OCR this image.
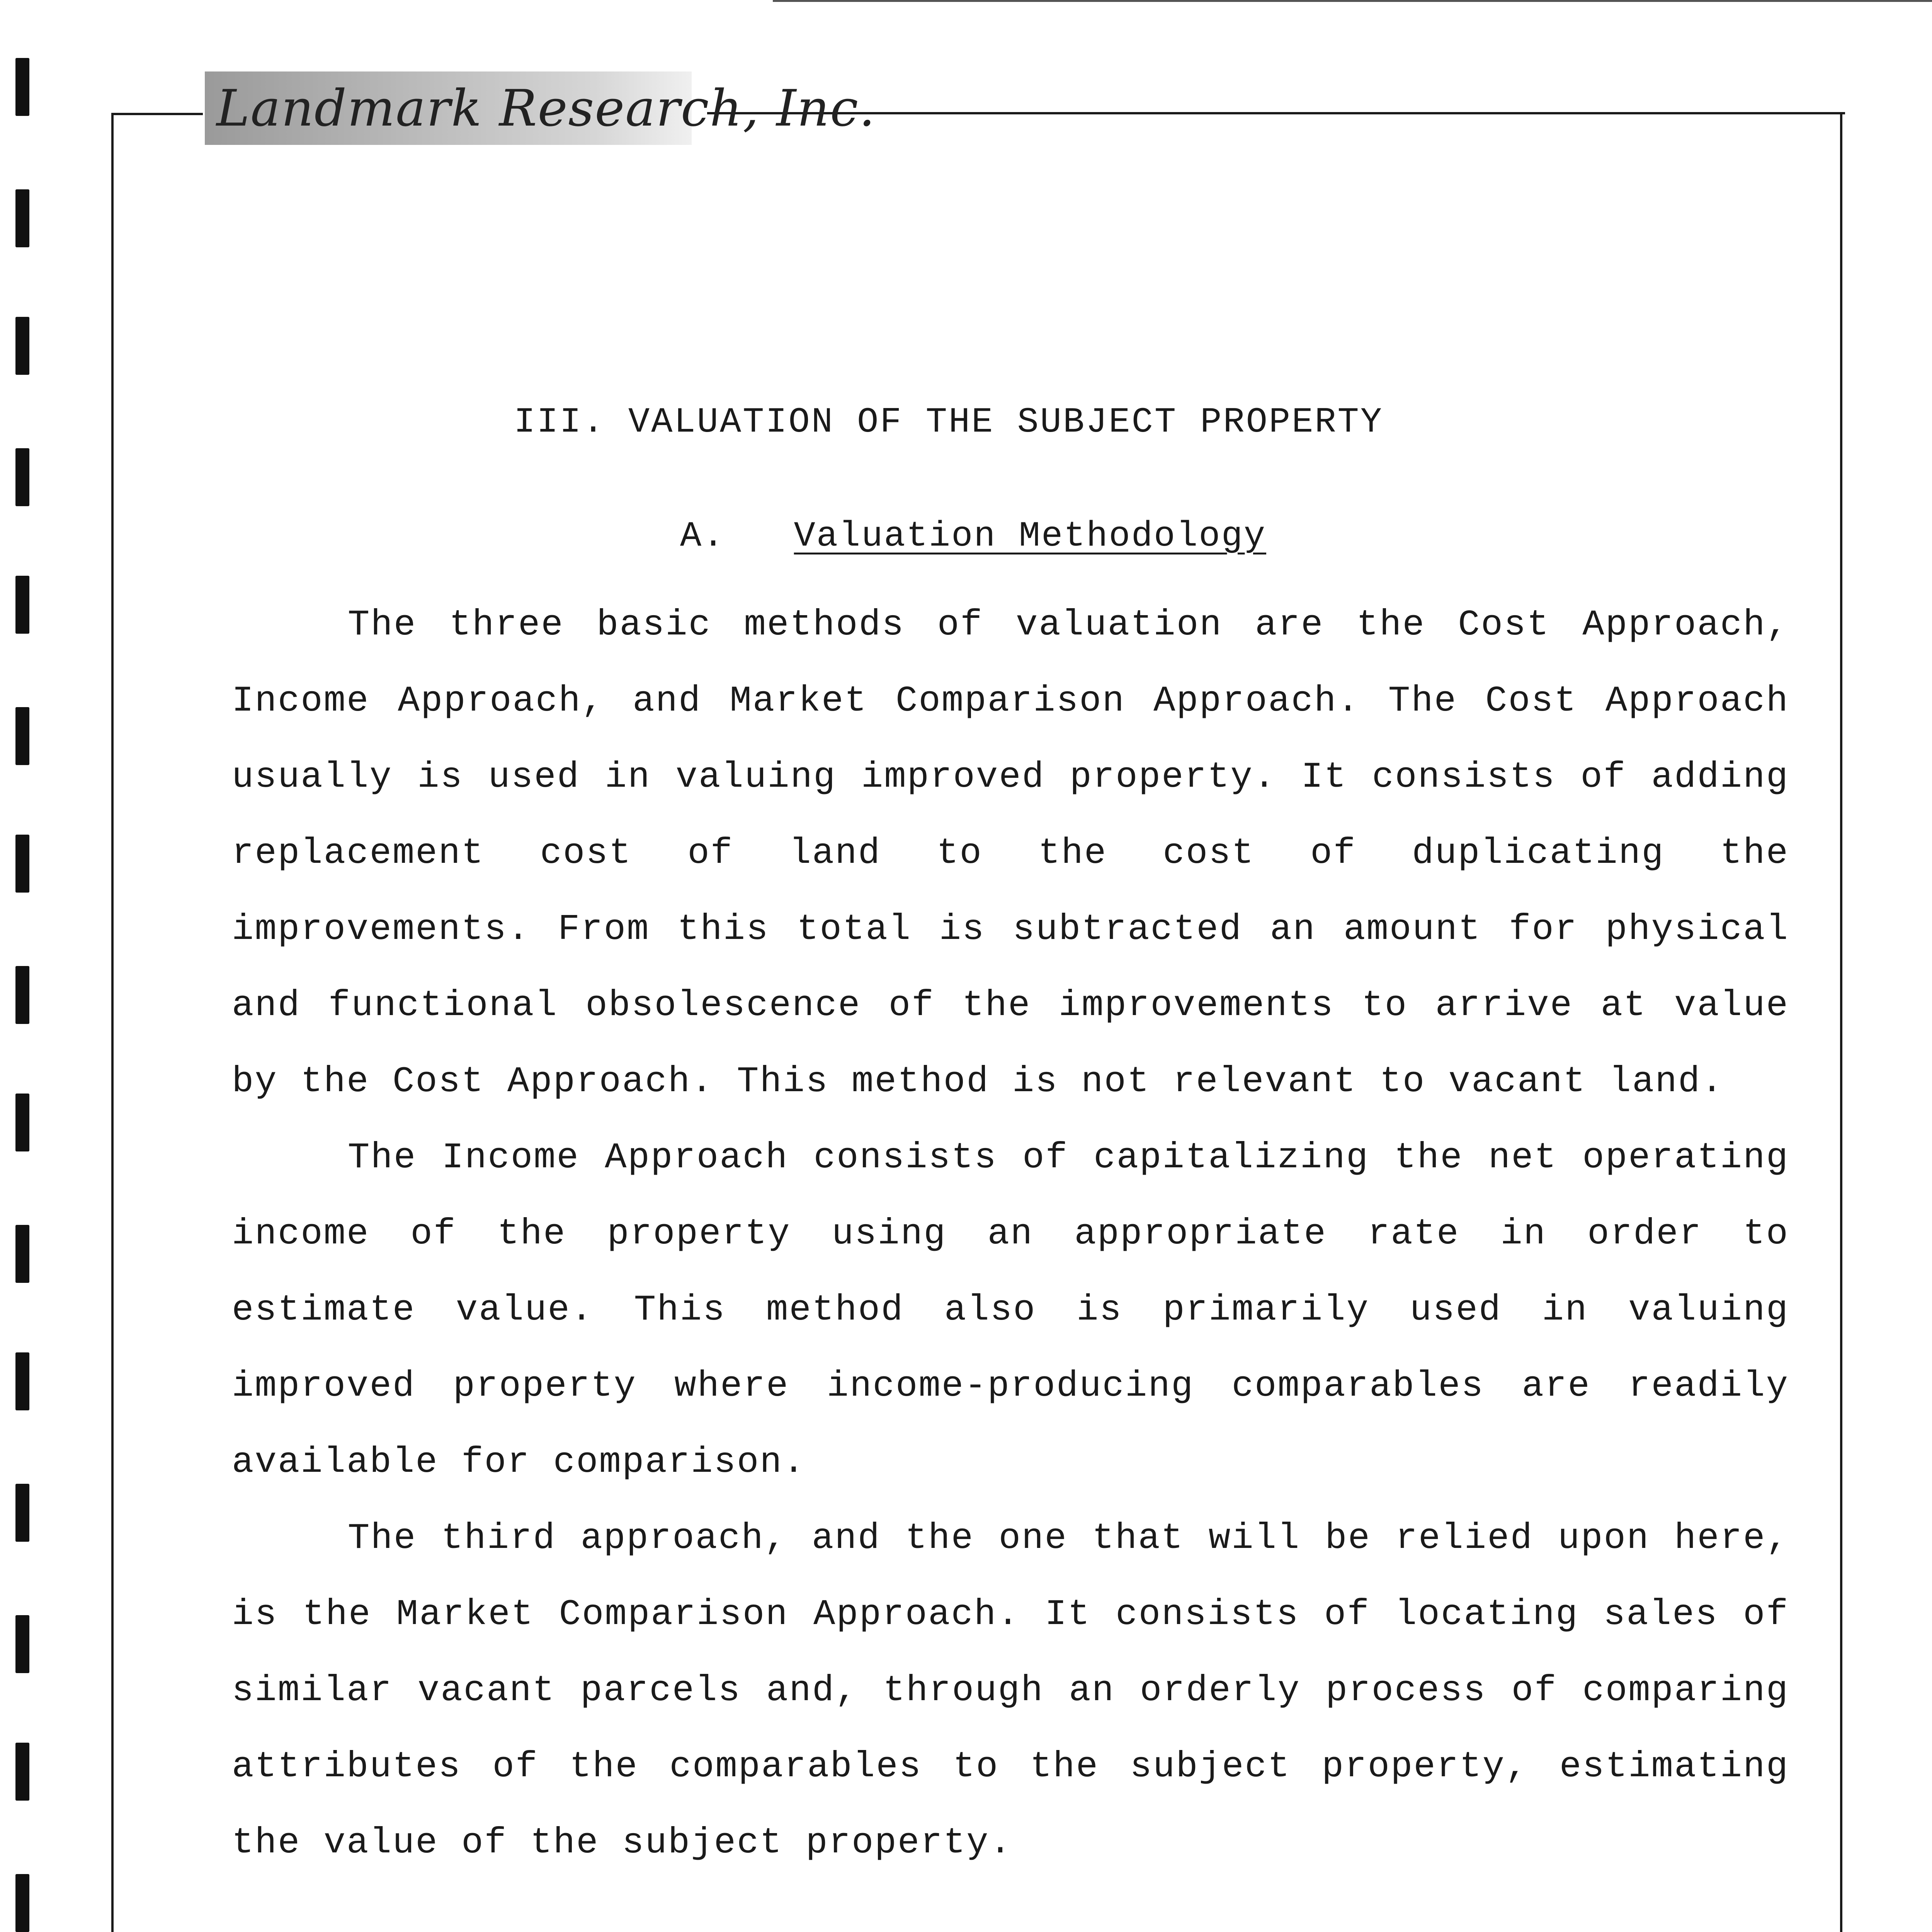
Landmark Research, Inc.
III. VALUATION OF THE SUBJECT PROPERTY
A. Valuation Methodology

The three basic methods of valuation are the Cost Approach, Income Approach, and Market Comparison Approach. The Cost Approach usually is used in valuing improved property. It consists of adding replacement cost of land to the cost of duplicating the improvements. From this total is subtracted an amount for physical and functional obsolescence of the improvements to arrive at value by the Cost Approach. This method is not relevant to vacant land.

The Income Approach consists of capitalizing the net operating income of the property using an appropriate rate in order to estimate value. This method also is primarily used in valuing improved property where income-producing comparables are readily available for comparison.

The third approach, and the one that will be relied upon here, is the Market Comparison Approach. It consists of locating sales of similar vacant parcels and, through an orderly process of comparing attributes of the comparables to the subject property, estimating the value of the subject property.
